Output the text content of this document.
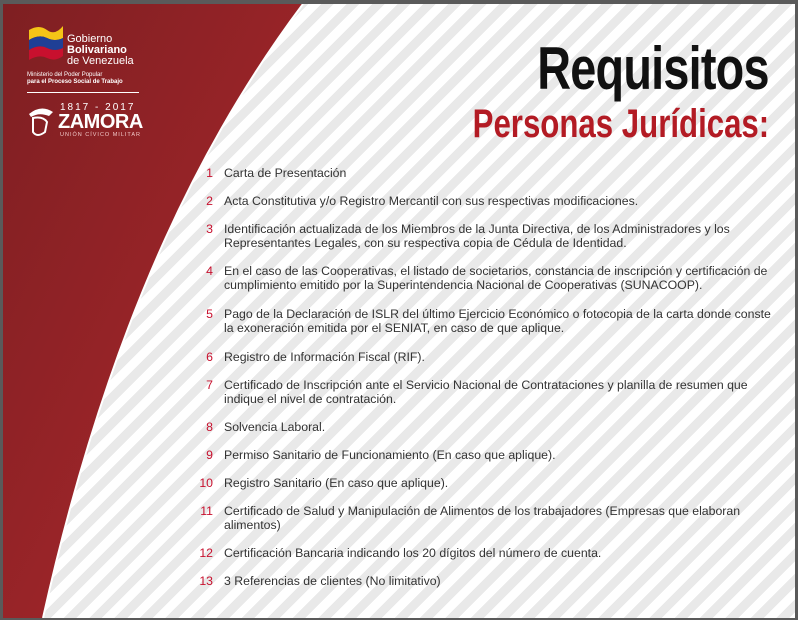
Gobierno
Bolivariano
de Venezuela
Ministerio del Poder Popular
para el Proceso Social de Trabajo
1817 - 2017
ZAMORA
UNIÓN CÍVICO MILITAR
Requisitos
Personas Jurídicas:
1 Carta de Presentación
2 Acta Constitutiva y/o Registro Mercantil con sus respectivas modificaciones.
3 Identificación actualizada de los Miembros de la Junta Directiva, de los Administradores y los Representantes Legales, con su respectiva copia de Cédula de Identidad.
4 En el caso de las Cooperativas, el listado de societarios, constancia de inscripción y certificación de cumplimiento emitido por la Superintendencia Nacional de Cooperativas (SUNACOOP).
5 Pago de la Declaración de ISLR del último Ejercicio Económico o fotocopia de la carta donde conste la exoneración emitida por el SENIAT, en caso de que aplique.
6 Registro de Información Fiscal (RIF).
7 Certificado de Inscripción ante el Servicio Nacional de Contrataciones y planilla de resumen que indique el nivel de contratación.
8 Solvencia Laboral.
9 Permiso Sanitario de Funcionamiento (En caso que aplique).
10 Registro Sanitario (En caso que aplique).
11 Certificado de Salud y Manipulación de Alimentos de los trabajadores (Empresas que elaboran alimentos)
12 Certificación Bancaria indicando los 20 dígitos del número de cuenta.
13 3 Referencias de clientes (No limitativo)
